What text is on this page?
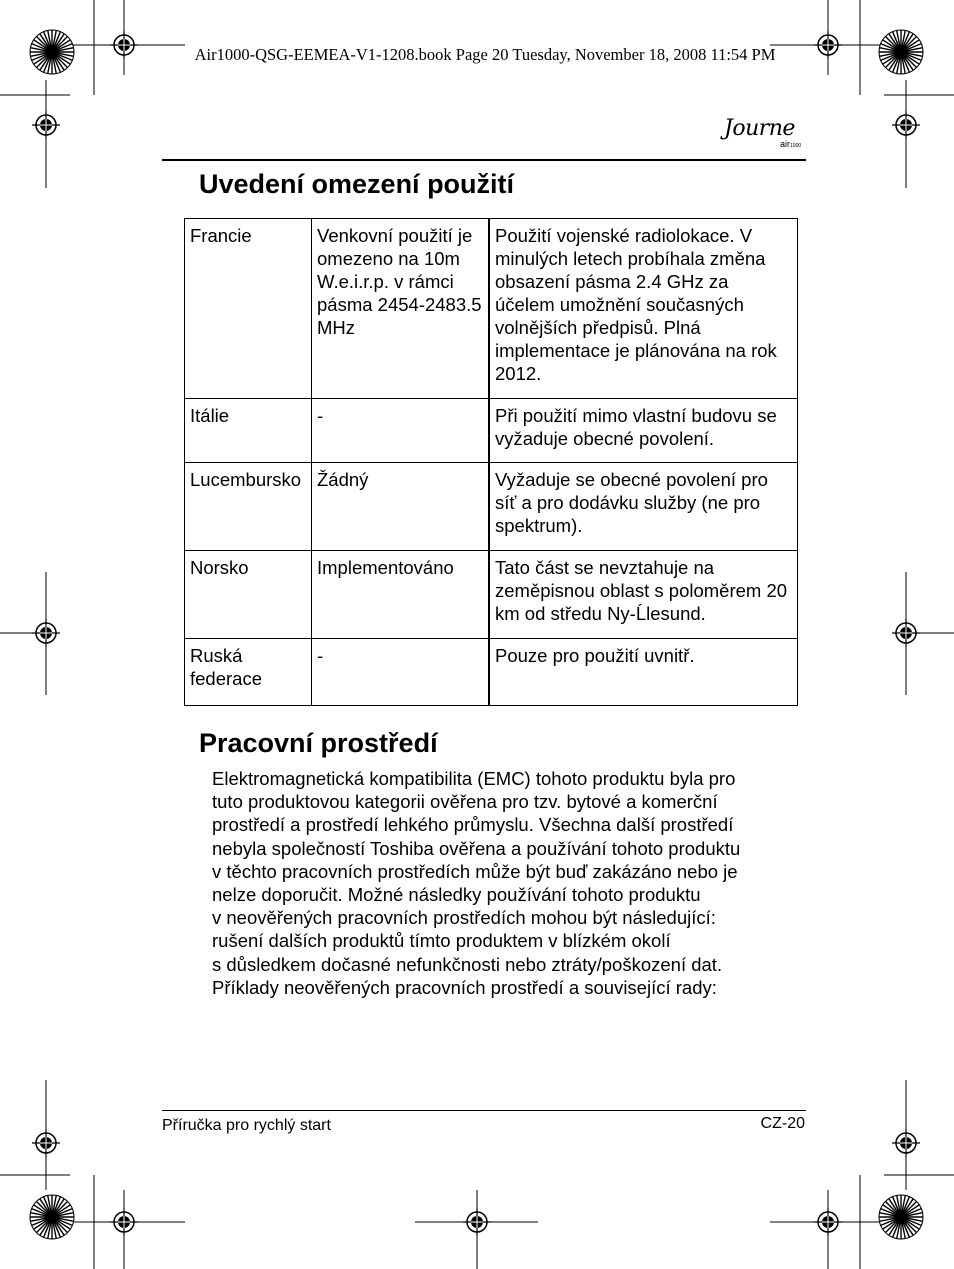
Air1000-QSG-EEMEA-V1-1208.book Page 20 Tuesday, November 18, 2008 11:54 PM
Journe
air1000
Uvedení omezení použití
Francie	Venkovní použití je omezeno na 10m W.e.i.r.p. v rámci pásma 2454-2483.5 MHz	Použití vojenské radiolokace. V minulých letech probíhala změna obsazení pásma 2.4 GHz za účelem umožnění současných volnějších předpisů. Plná implementace je plánována na rok 2012.
Itálie	-	Při použití mimo vlastní budovu se vyžaduje obecné povolení.
Lucembursko	Žádný	Vyžaduje se obecné povolení pro síť a pro dodávku služby (ne pro spektrum).
Norsko	Implementováno	Tato část se nevztahuje na zeměpisnou oblast s poloměrem 20 km od středu Ny-Ĺlesund.
Ruská federace	-	Pouze pro použití uvnitř.
Pracovní prostředí
Elektromagnetická kompatibilita (EMC) tohoto produktu byla pro
tuto produktovou kategorii ověřena pro tzv. bytové a komerční
prostředí a prostředí lehkého průmyslu. Všechna další prostředí
nebyla společností Toshiba ověřena a používání tohoto produktu
v těchto pracovních prostředích může být buď zakázáno nebo je
nelze doporučit. Možné následky používání tohoto produktu
v neověřených pracovních prostředích mohou být následující:
rušení dalších produktů tímto produktem v blízkém okolí
s důsledkem dočasné nefunkčnosti nebo ztráty/poškození dat.
Příklady neověřených pracovních prostředí a související rady:
Příručka pro rychlý start	CZ-20
